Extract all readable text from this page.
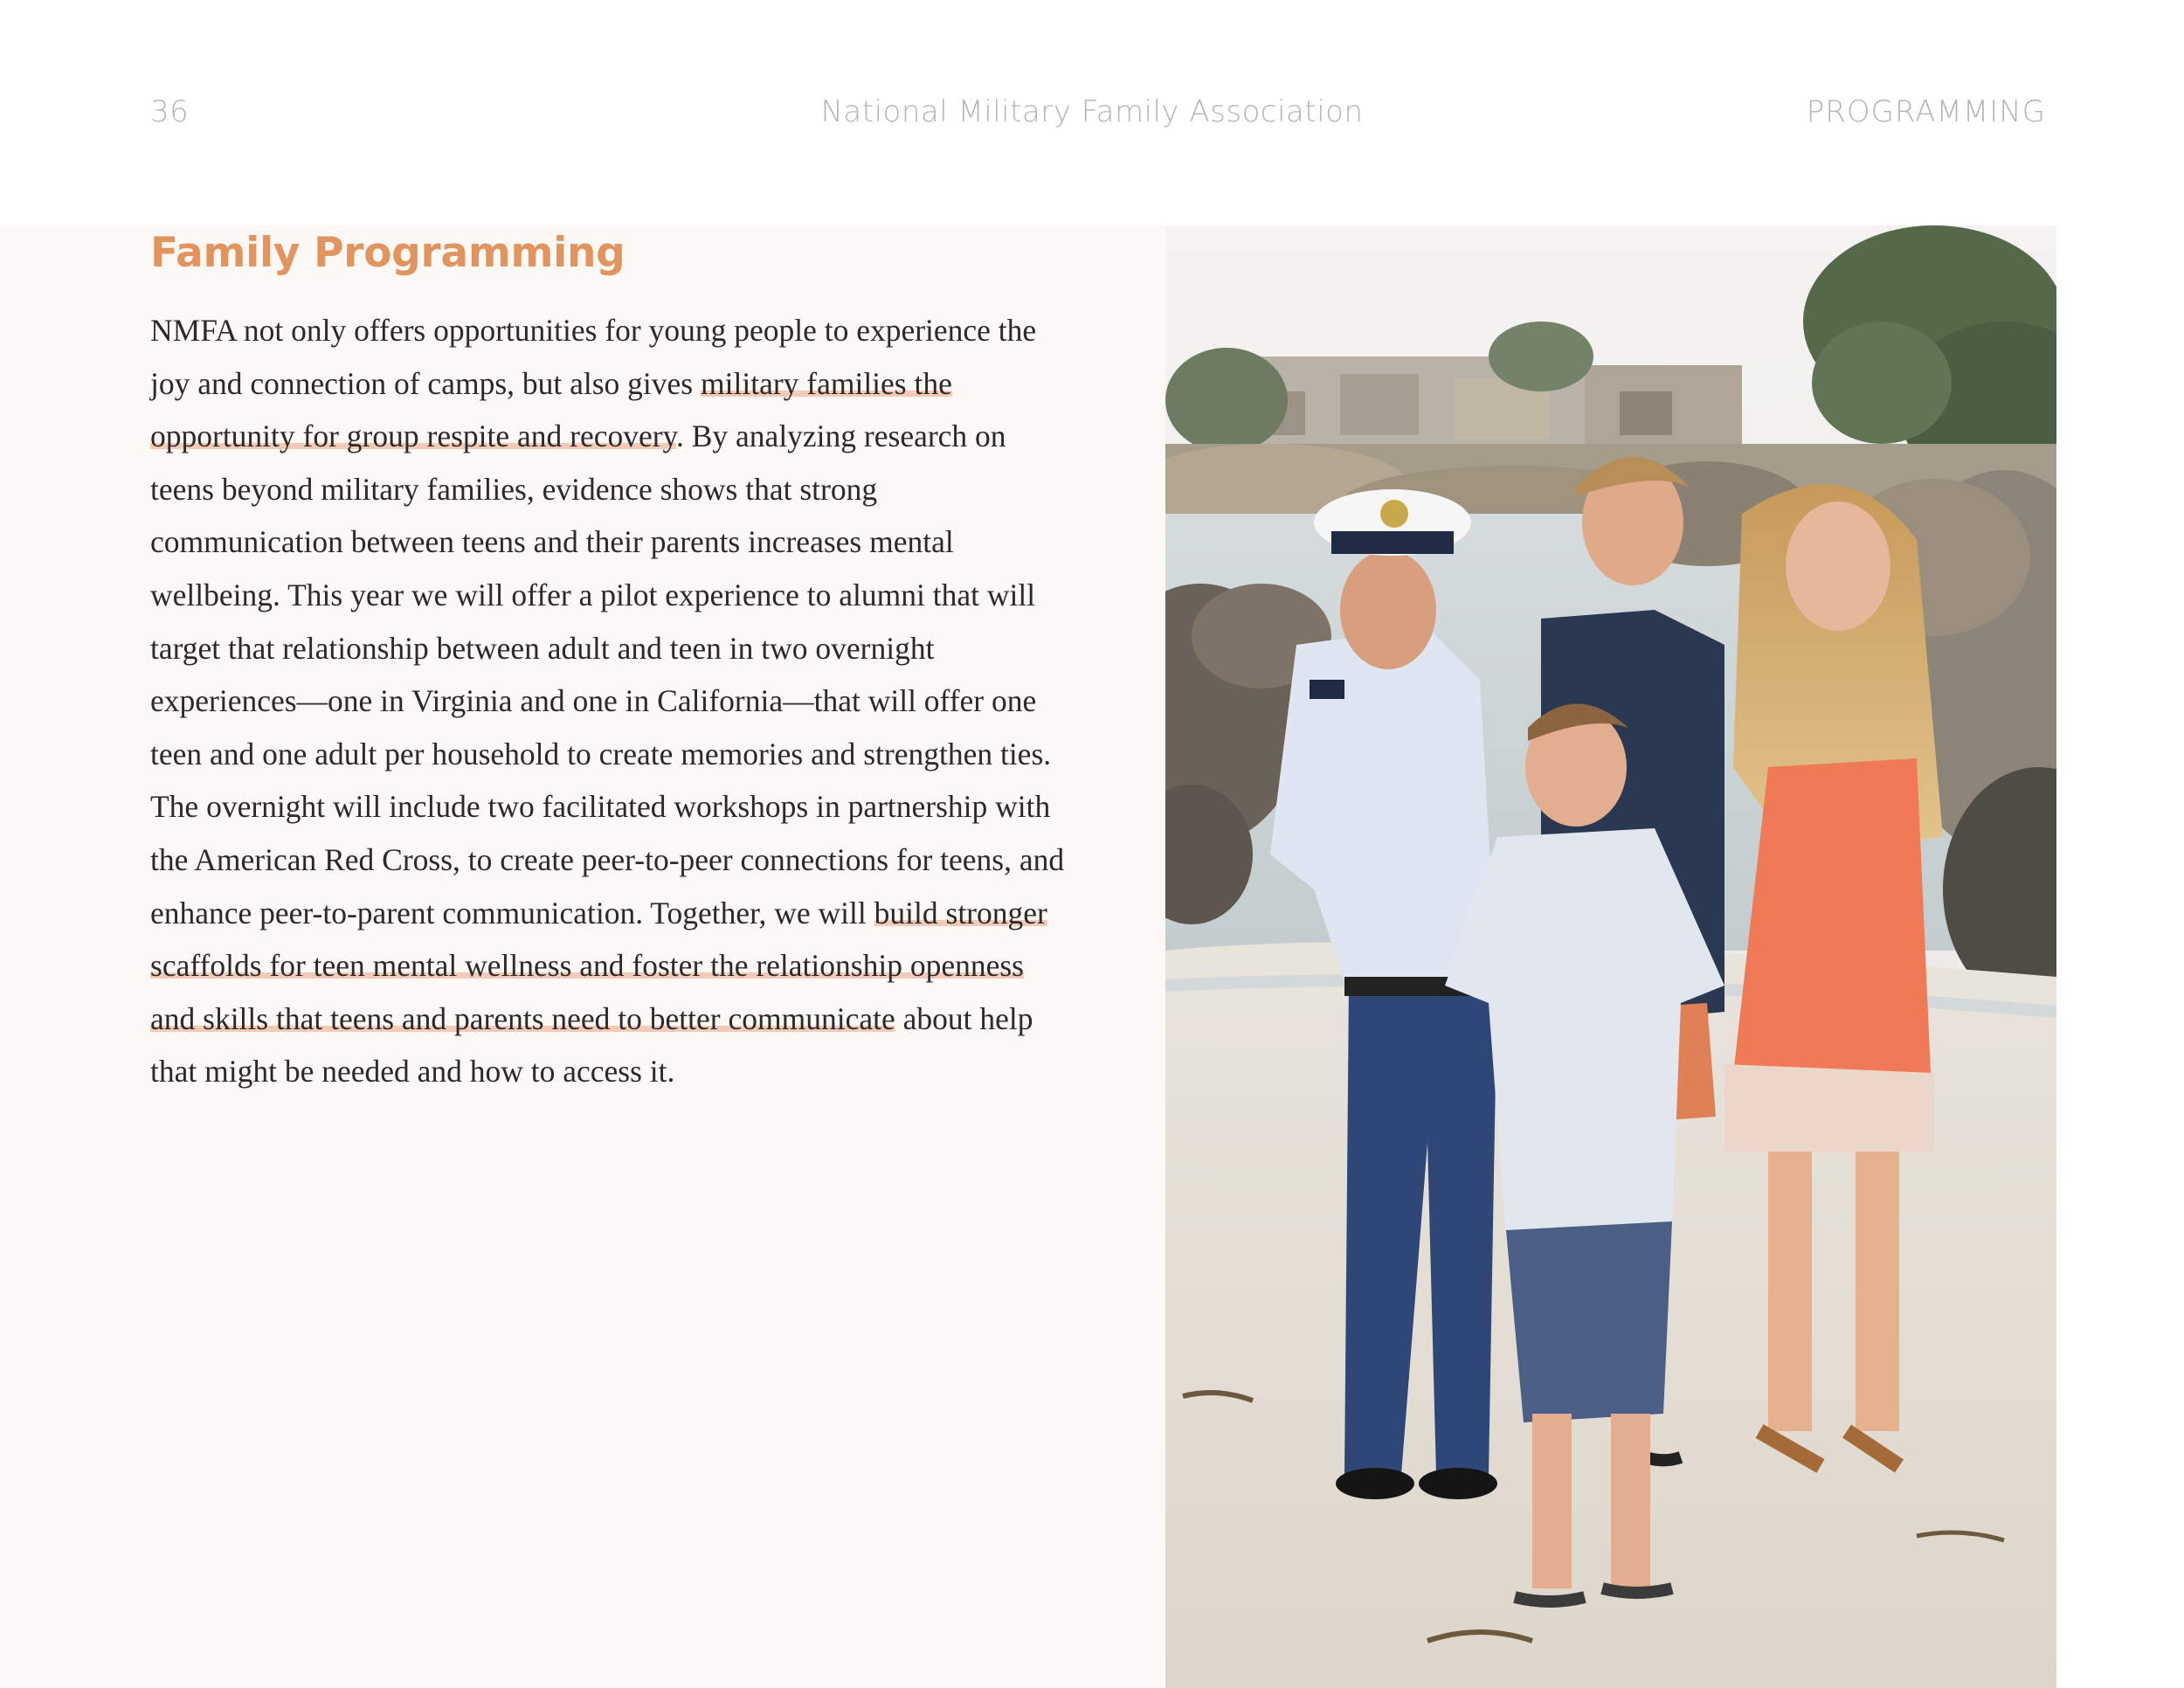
36	National Military Family Association	PROGRAMMING
Family Programming

NMFA not only offers opportunities for young people to experience the joy and connection of camps, but also gives military families the opportunity for group respite and recovery. By analyzing research on teens beyond military families, evidence shows that strong communication between teens and their parents increases mental wellbeing. This year we will offer a pilot experience to alumni that will target that relationship between adult and teen in two overnight experiences—one in Virginia and one in California—that will offer one teen and one adult per household to create memories and strengthen ties. The overnight will include two facilitated workshops in partnership with the American Red Cross, to create peer-to-peer connections for teens, and enhance peer-to-parent communication. Together, we will build stronger scaffolds for teen mental wellness and foster the relationship openness and skills that teens and parents need to better communicate about help that might be needed and how to access it.
